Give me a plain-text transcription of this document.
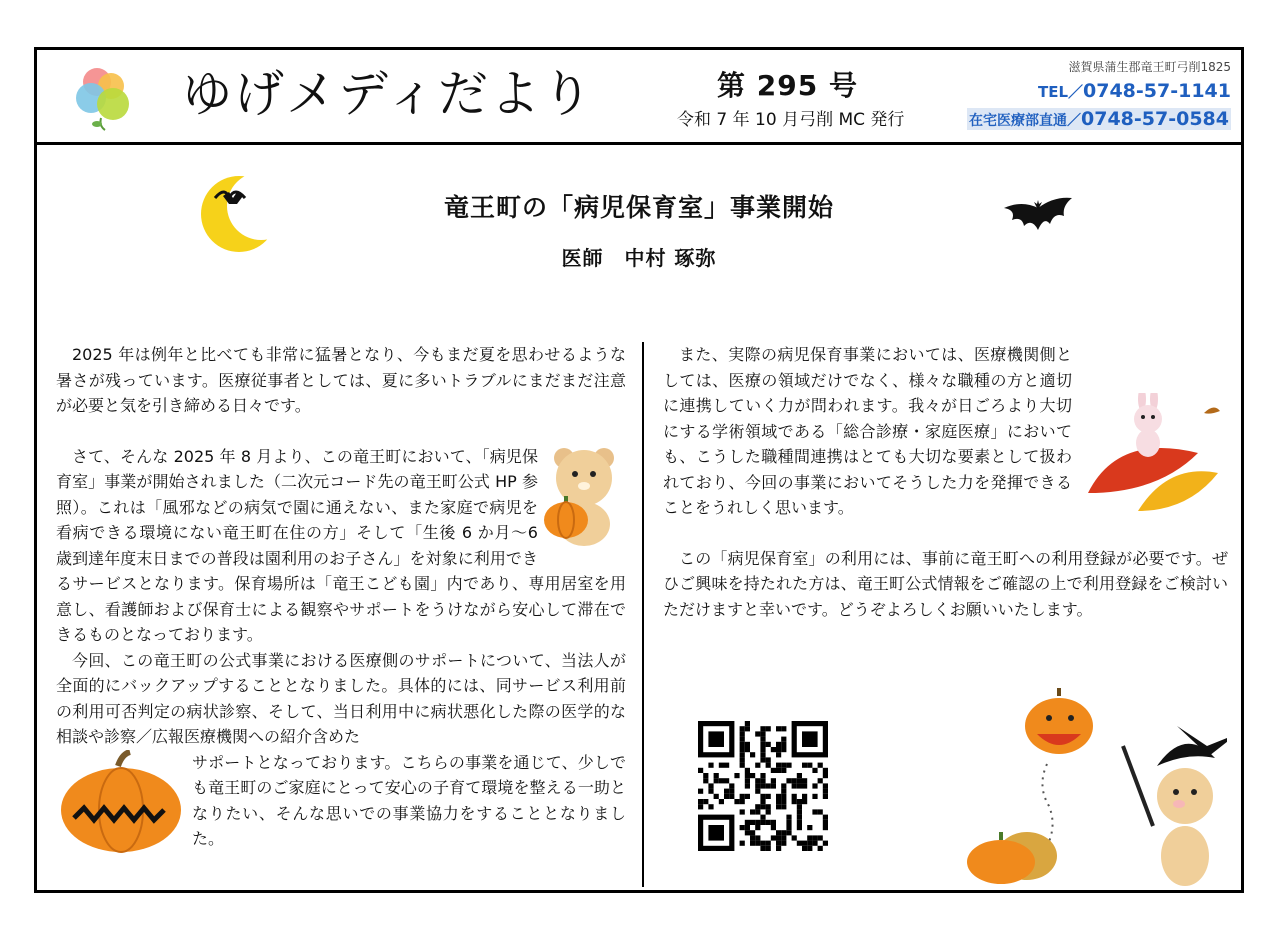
ゆげメディだより	第 295 号
令和 7 年 10 月弓削 MC 発行
滋賀県蒲生郡竜王町弓削1825
TEL／0748-57-1141
在宅医療部直通／0748-57-0584
竜王町の「病児保育室」事業開始
医師　中村 琢弥

2025 年は例年と比べても非常に猛暑となり、今もまだ夏を思わせるような暑さが残っています。医療従事者としては、夏に多いトラブルにまだまだ注意が必要と気を引き締める日々です。

さて、そんな 2025 年 8 月より、この竜王町において、「病児保育室」事業が開始されました（二次元コード先の竜王町公式 HP 参照）。これは「風邪などの病気で園に通えない、また家庭で病児を看病できる環境にない竜王町在住の方」そして「生後 6 か月～6 歳到達年度末日までの普段は園利用のお子さん」を対象に利用できるサービスとなります。保育場所は「竜王こども園」内であり、専用居室を用意し、看護師および保育士による観察やサポートをうけながら安心して滞在できるものとなっております。

今回、この竜王町の公式事業における医療側のサポートについて、当法人が全面的にバックアップすることとなりました。具体的には、同サービス利用前の利用可否判定の病状診察、そして、当日利用中に病状悪化した際の医学的な相談や診察／広報医療機関への紹介含めた

サポートとなっております。こちらの事業を通じて、少しでも竜王町のご家庭にとって安心の子育て環境を整える一助となりたい、そんな思いでの事業協力をすることとなりました。

また、実際の病児保育事業においては、医療機関側としては、医療の領域だけでなく、様々な職種の方と適切に連携していく力が問われます。我々が日ごろより大切にする学術領域である「総合診療・家庭医療」においても、こうした職種間連携はとても大切な要素として扱われており、今回の事業においてそうした力を発揮できることをうれしく思います。

この「病児保育室」の利用には、事前に竜王町への利用登録が必要です。ぜひご興味を持たれた方は、竜王町公式情報をご確認の上で利用登録をご検討いただけますと幸いです。どうぞよろしくお願いいたします。
